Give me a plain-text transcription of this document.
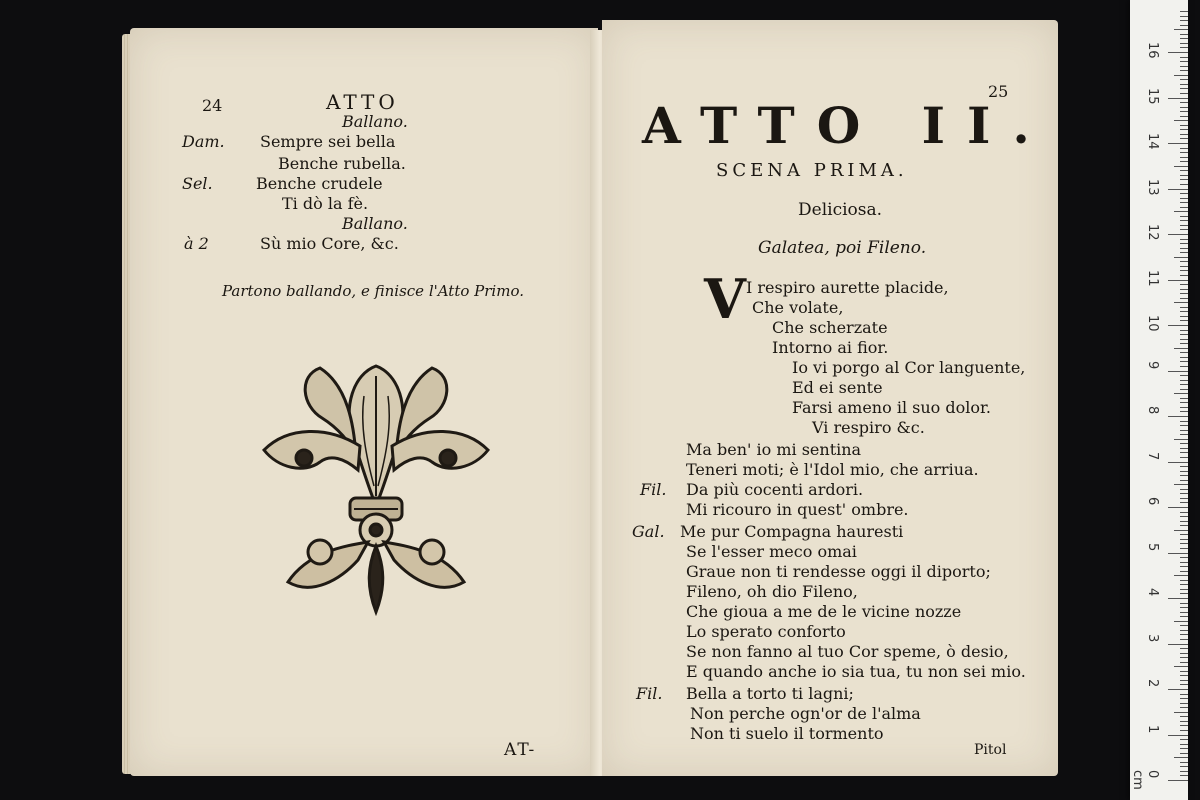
24	ATTO
Ballano.
Dam. Sempre sei bella
Benche rubella.
Sel.	Benche crudele
Ti dò la fè.
Ballano.
à 2	Sù mio Core, &c.
Partono ballando, e finisce l'Atto Primo.
AT-
25
ATTO II.
SCENA PRIMA.
Deliciosa.
Galatea, poi Fileno.
V I respiro aurette placide,
Che volate,
Che scherzate
Intorno ai fior.
Io vi porgo al Cor languente,
Ed ei sente
Farsi ameno il suo dolor.
Vi respiro &c.
Ma ben' io mi sentina
Teneri moti; è l'Idol mio, che arriua.
Fil. Da più cocenti ardori.
Mi ricouro in quest' ombre.
Gal. Me pur Compagna hauresti
Se l'esser meco omai
Graue non ti rendesse oggi il diporto;
Fileno, oh dio Fileno,
Che gioua a me de le vicine nozze
Lo sperato conforto
Se non fanno al tuo Cor speme, ò desio,
E quando anche io sia tua, tu non sei mio.
Fil. Bella a torto ti lagni;
Non perche ogn'or de l'alma
Non ti suelo il tormento
Pitol
0 cm
1
2
3
4
5
6
7
8
9
10
11
12
13
14
15
16
